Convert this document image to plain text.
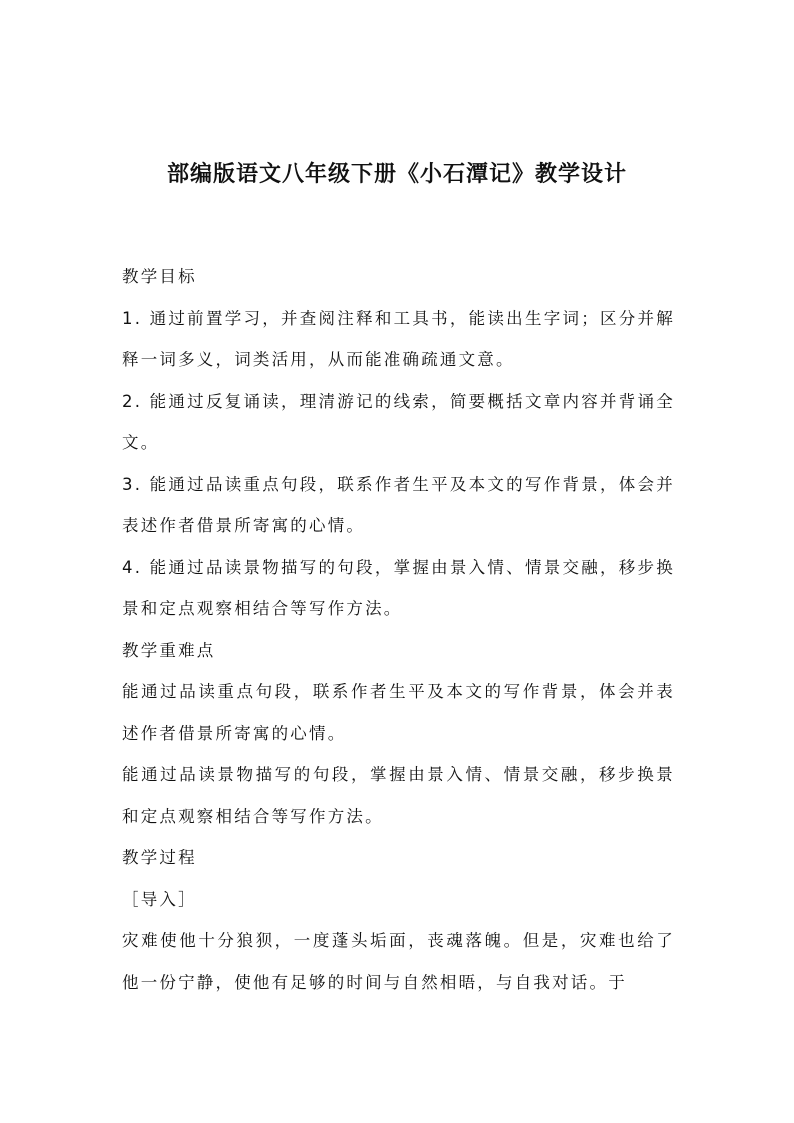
部编版语文八年级下册《小石潭记》教学设计

教学目标

1. 通过前置学习，并查阅注释和工具书，能读出生字词；区分并解释一词多义，词类活用，从而能准确疏通文意。

2. 能通过反复诵读，理清游记的线索，简要概括文章内容并背诵全文。

3. 能通过品读重点句段，联系作者生平及本文的写作背景，体会并表述作者借景所寄寓的心情。

4. 能通过品读景物描写的句段，掌握由景入情、情景交融，移步换景和定点观察相结合等写作方法。

教学重难点

能通过品读重点句段，联系作者生平及本文的写作背景，体会并表述作者借景所寄寓的心情。

能通过品读景物描写的句段，掌握由景入情、情景交融，移步换景和定点观察相结合等写作方法。

教学过程

［导入］

灾难使他十分狼狈，一度蓬头垢面，丧魂落魄。但是，灾难也给了他一份宁静，使他有足够的时间与自然相晤，与自我对话。于
